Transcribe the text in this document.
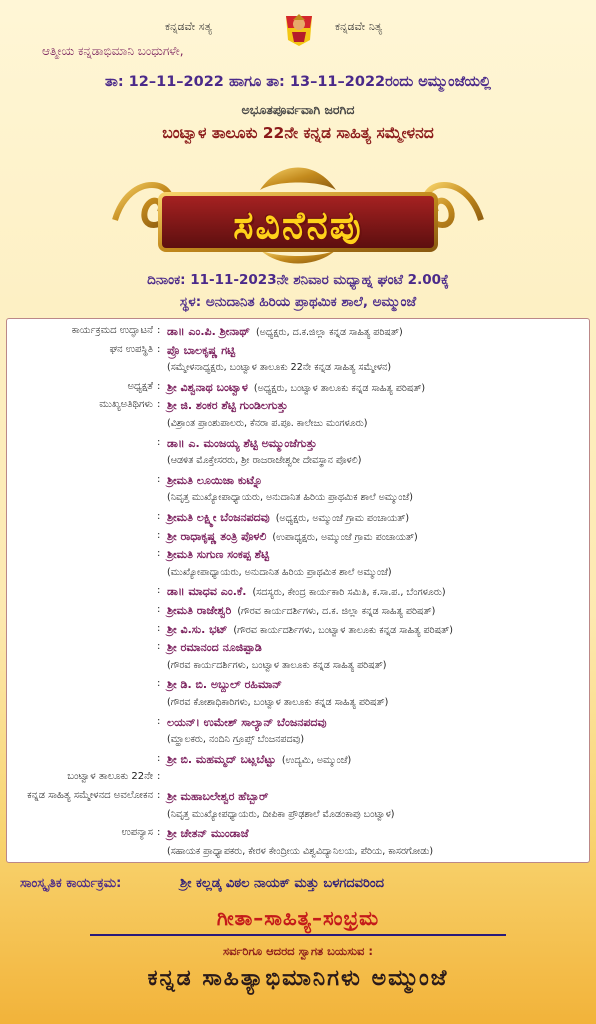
ಕನ್ನಡವೇ ಸತ್ಯ	ಕನ್ನಡವೇ ನಿತ್ಯ
ಆತ್ಮೀಯ ಕನ್ನಡಾಭಿಮಾನಿ ಬಂಧುಗಳೇ,
ತಾ: 12–11–2022 ಹಾಗೂ ತಾ: 13–11–2022ರಂದು ಅಮ್ಮುಂಜೆಯಲ್ಲಿ
ಅಭೂತಪೂರ್ವವಾಗಿ ಜರಗಿದ
ಬಂಟ್ವಾಳ ತಾಲೂಕು 22ನೇ ಕನ್ನಡ ಸಾಹಿತ್ಯ ಸಮ್ಮೇಳನದ
ಸವಿನೆನಪು
ದಿನಾಂಕ: 11-11-2023ನೇ ಶನಿವಾರ ಮಧ್ಯಾಹ್ನ ಘಂಟೆ 2.00ಕ್ಕೆ
ಸ್ಥಳ: ಅನುದಾನಿತ ಹಿರಿಯ ಪ್ರಾಥಮಿಕ ಶಾಲೆ, ಅಮ್ಮುಂಜೆ
ಕಾರ್ಯಕ್ರಮದ ಉದ್ಘಾಟನೆ : ಡಾ॥ ಎಂ.ಪಿ. ಶ್ರೀನಾಥ್ (ಅಧ್ಯಕ್ಷರು, ದ.ಕ.ಜಿಲ್ಲಾ ಕನ್ನಡ ಸಾಹಿತ್ಯ ಪರಿಷತ್)
ಘನ ಉಪಸ್ಥಿತಿ : ಪ್ರೊ ಬಾಲಕೃಷ್ಣ ಗಟ್ಟಿ
(ಸಮ್ಮೇಳನಾಧ್ಯಕ್ಷರು, ಬಂಟ್ವಾಳ ತಾಲೂಕು 22ನೇ ಕನ್ನಡ ಸಾಹಿತ್ಯ ಸಮ್ಮೇಳನ)
ಅಧ್ಯಕ್ಷತೆ : ಶ್ರೀ ವಿಶ್ವನಾಥ ಬಂಟ್ವಾಳ (ಅಧ್ಯಕ್ಷರು, ಬಂಟ್ವಾಳ ತಾಲೂಕು ಕನ್ನಡ ಸಾಹಿತ್ಯ ಪರಿಷತ್)
ಮುಖ್ಯಅತಿಥಿಗಳು : ಶ್ರೀ ಜಿ. ಶಂಕರ ಶೆಟ್ಟಿ ಗುಂಡಿಲಗುತ್ತು
(ವಿಶ್ರಾಂತ ಪ್ರಾಂಶುಪಾಲರು, ಕೆನರಾ ಪ.ಪೂ. ಕಾಲೇಜು ಮಂಗಳೂರು)
: ಡಾ॥ ಎ. ಮಂಜಯ್ಯ ಶೆಟ್ಟಿ ಅಮ್ಮುಂಜೆಗುತ್ತು
(ಆಡಳಿತ ಮೊಕ್ತೇಸರರು, ಶ್ರೀ ರಾಜರಾಜೇಶ್ವರೀ ದೇವಸ್ಥಾನ ಪೊಳಲಿ)
: ಶ್ರೀಮತಿ ಲೂಯಿಜಾ ಕುಟ್ನೊ
(ನಿವೃತ್ತ ಮುಖ್ಯೋಪಾಧ್ಯಾಯರು, ಅನುದಾನಿತ ಹಿರಿಯ ಪ್ರಾಥಮಿಕ ಶಾಲೆ ಅಮ್ಮುಂಜೆ)
: ಶ್ರೀಮತಿ ಲಕ್ಷ್ಮೀ ಬೆಂಜನಪದವು (ಅಧ್ಯಕ್ಷರು, ಅಮ್ಮುಂಜೆ ಗ್ರಾಮ ಪಂಚಾಯತ್)
: ಶ್ರೀ ರಾಧಾಕೃಷ್ಣ ತಂತ್ರಿ ಪೊಳಲಿ (ಉಪಾಧ್ಯಕ್ಷರು, ಅಮ್ಮುಂಜೆ ಗ್ರಾಮ ಪಂಚಾಯತ್)
: ಶ್ರೀಮತಿ ಸುಗುಣ ಸಂಕಪ್ಪ ಶೆಟ್ಟಿ
(ಮುಖ್ಯೋಪಾಧ್ಯಾಯರು, ಅನುದಾನಿತ ಹಿರಿಯ ಪ್ರಾಥಮಿಕ ಶಾಲೆ ಅಮ್ಮುಂಜೆ)
: ಡಾ॥ ಮಾಧವ ಎಂ.ಕೆ. (ಸದಸ್ಯರು, ಕೇಂದ್ರ ಕಾರ್ಯಕಾರಿ ಸಮಿತಿ, ಕ.ಸಾ.ಪ., ಬೆಂಗಳೂರು)
: ಶ್ರೀಮತಿ ರಾಜೇಶ್ವರಿ (ಗೌರವ ಕಾರ್ಯದರ್ಶಿಗಳು, ದ.ಕ. ಜಿಲ್ಲಾ ಕನ್ನಡ ಸಾಹಿತ್ಯ ಪರಿಷತ್)
: ಶ್ರೀ ವಿ.ಸು. ಭಟ್ (ಗೌರವ ಕಾರ್ಯದರ್ಶಿಗಳು, ಬಂಟ್ವಾಳ ತಾಲೂಕು ಕನ್ನಡ ಸಾಹಿತ್ಯ ಪರಿಷತ್)
: ಶ್ರೀ ರಮಾನಂದ ನೂಜಿಪ್ಪಾಡಿ
(ಗೌರವ ಕಾರ್ಯದರ್ಶಿಗಳು, ಬಂಟ್ವಾಳ ತಾಲೂಕು ಕನ್ನಡ ಸಾಹಿತ್ಯ ಪರಿಷತ್)
: ಶ್ರೀ ಡಿ. ಬಿ. ಅಬ್ದುಲ್ ರಹಿಮಾನ್
(ಗೌರವ ಕೋಶಾಧಿಕಾರಿಗಳು, ಬಂಟ್ವಾಳ ತಾಲೂಕು ಕನ್ನಡ ಸಾಹಿತ್ಯ ಪರಿಷತ್)
: ಲಯನ್। ಉಮೇಶ್ ಸಾಲ್ಯಾನ್ ಬೆಂಜನಪದವು
(ಮ್ಹಾಲಕರು, ನಂದಿನಿ ಗ್ರೂಪ್ಸ್ ಬೆಂಜನಪದವು)
: ಶ್ರೀ ಬಿ. ಮಹಮ್ಮದ್ ಬಟ್ಲಬೆಟ್ಟು (ಉದ್ಯಮಿ, ಅಮ್ಮುಂಜೆ)
ಬಂಟ್ವಾಳ ತಾಲೂಕು 22ನೇ :
ಕನ್ನಡ ಸಾಹಿತ್ಯ ಸಮ್ಮೇಳನದ ಅವಲೋಕನ : ಶ್ರೀ ಮಹಾಬಲೇಶ್ವರ ಹೆಬ್ಬಾರ್
(ನಿವೃತ್ತ ಮುಖ್ಯೋಪಧ್ಯಾಯರು, ದೀಪಿಕಾ ಪ್ರೌಢಶಾಲೆ ಮೊಡಂಕಾಪು ಬಂಟ್ವಾಳ)
ಉಪನ್ಯಾಸ : ಶ್ರೀ ಚೇತನ್ ಮುಂಡಾಜೆ
(ಸಹಾಯಕ ಪ್ರಾಧ್ಯಾಪಕರು, ಕೇರಳ ಕೇಂದ್ರೀಯ ವಿಶ್ವವಿದ್ಯಾನಿಲಯ, ಪೆರಿಯ, ಕಾಸರಗೋಡು)
ಸಾಂಸ್ಕೃತಿಕ ಕಾರ್ಯಕ್ರಮ:	ಶ್ರೀ ಕಲ್ಲಡ್ಕ ವಿಠಲ ನಾಯಕ್ ಮತ್ತು ಬಳಗದವರಿಂದ
ಗೀತಾ–ಸಾಹಿತ್ಯ–ಸಂಭ್ರಮ
ಸರ್ವರಿಗೂ ಆದರದ ಸ್ವಾಗತ ಬಯಸುವ :
ಕನ್ನಡ ಸಾಹಿತ್ಯಾಭಿಮಾನಿಗಳು ಅಮ್ಮುಂಜೆ
